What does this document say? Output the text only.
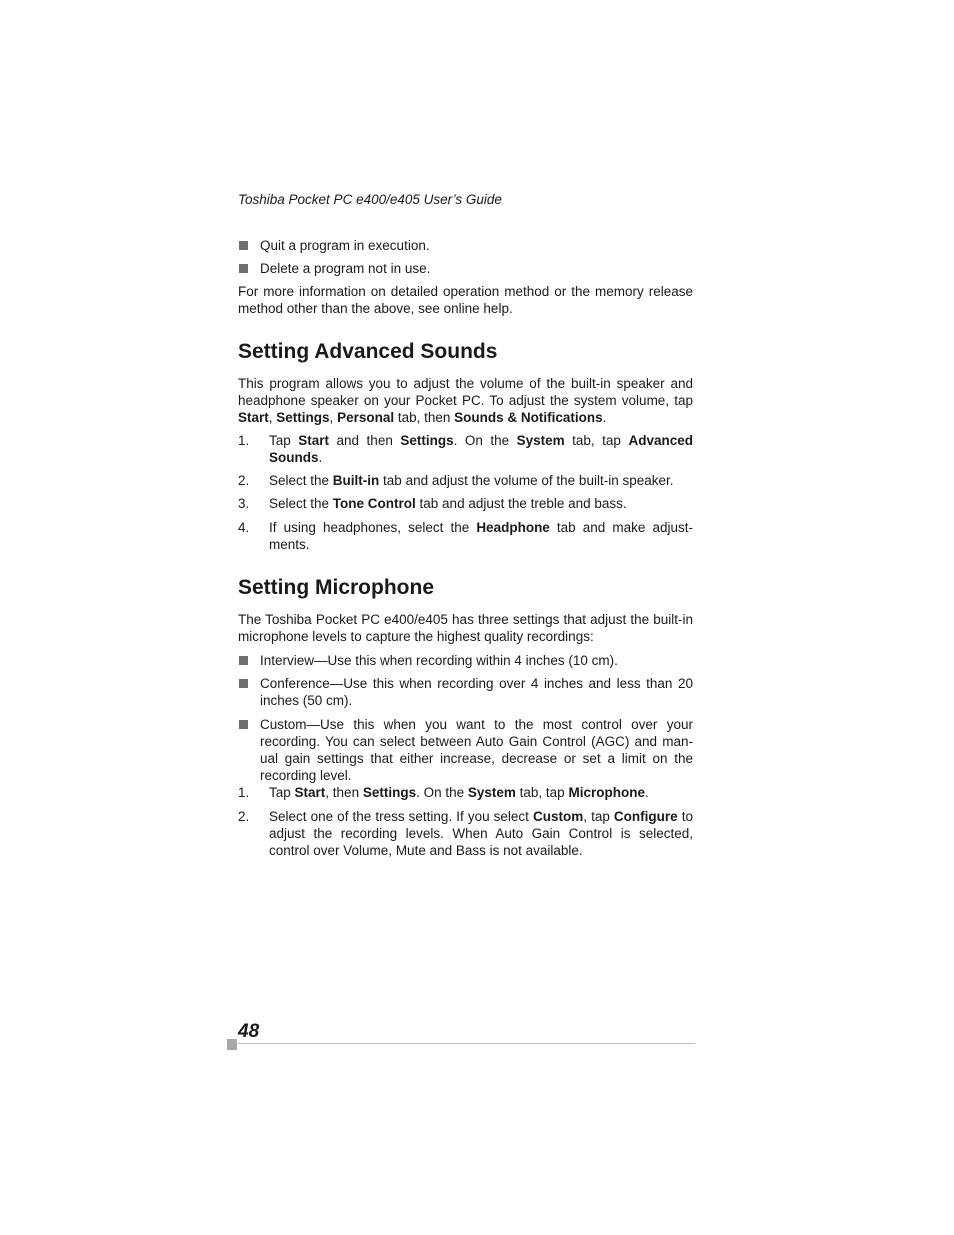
Toshiba Pocket PC e400/e405 User’s Guide
Quit a program in execution.
Delete a program not in use.

For more information on detailed operation method or the memory release method other than the above, see online help.

Setting Advanced Sounds

This program allows you to adjust the volume of the built-in speaker and headphone speaker on your Pocket PC. To adjust the system volume, tap Start, Settings, Personal tab, then Sounds & Notifications.

1. Tap Start and then Settings. On the System tab, tap Advanced Sounds.
2. Select the Built-in tab and adjust the volume of the built-in speaker.
3. Select the Tone Control tab and adjust the treble and bass.
4. If using headphones, select the Headphone tab and make adjust-ments.
Setting Microphone

The Toshiba Pocket PC e400/e405 has three settings that adjust the built-in microphone levels to capture the highest quality recordings:

Interview—Use this when recording within 4 inches (10 cm).
Conference—Use this when recording over 4 inches and less than 20 inches (50 cm).
Custom—Use this when you want to the most control over your recording. You can select between Auto Gain Control (AGC) and man-ual gain settings that either increase, decrease or set a limit on the recording level.
1. Tap Start, then Settings. On the System tab, tap Microphone.
2. Select one of the tress setting. If you select Custom, tap Configure to adjust the recording levels. When Auto Gain Control is selected, control over Volume, Mute and Bass is not available.
48
